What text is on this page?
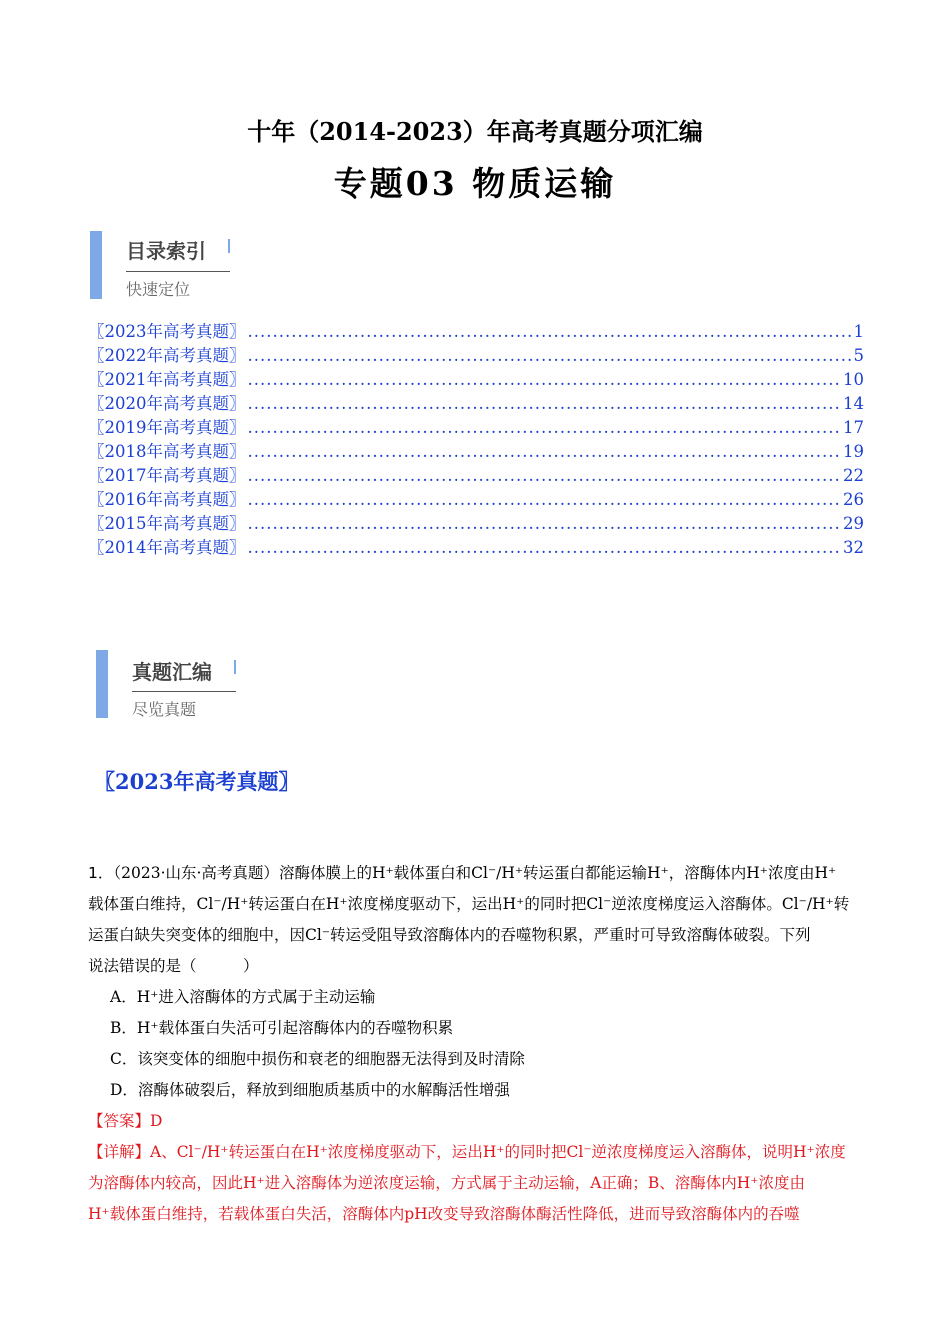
十年（2014-2023）年高考真题分项汇编
专题03 物质运输
目录索引
快速定位
〖2023年高考真题〗 .....	1
〖2022年高考真题〗 .....	5
〖2021年高考真题〗 .....	10
〖2020年高考真题〗 .....	14
〖2019年高考真题〗 .....	17
〖2018年高考真题〗 .....	19
〖2017年高考真题〗 .....	22
〖2016年高考真题〗 .....	26
〖2015年高考真题〗 .....	29
〖2014年高考真题〗 .....	32
真题汇编
尽览真题
〖2023年高考真题〗
1．（2023·山东·高考真题）溶酶体膜上的H⁺载体蛋白和Cl⁻/H⁺转运蛋白都能运输H⁺，溶酶体内H⁺浓度由H⁺
载体蛋白维持，Cl⁻/H⁺转运蛋白在H⁺浓度梯度驱动下，运出H⁺的同时把Cl⁻逆浓度梯度运入溶酶体。Cl⁻/H⁺转
运蛋白缺失突变体的细胞中，因Cl⁻转运受阻导致溶酶体内的吞噬物积累，严重时可导致溶酶体破裂。下列
说法错误的是（　　　）
A．H⁺进入溶酶体的方式属于主动运输
B．H⁺载体蛋白失活可引起溶酶体内的吞噬物积累
C．该突变体的细胞中损伤和衰老的细胞器无法得到及时清除
D．溶酶体破裂后，释放到细胞质基质中的水解酶活性增强
【答案】D
【详解】A、Cl⁻/H⁺转运蛋白在H⁺浓度梯度驱动下，运出H⁺的同时把Cl⁻逆浓度梯度运入溶酶体，说明H⁺浓度
为溶酶体内较高，因此H⁺进入溶酶体为逆浓度运输，方式属于主动运输，A正确；B、溶酶体内H⁺浓度由
H⁺载体蛋白维持，若载体蛋白失活，溶酶体内pH改变导致溶酶体酶活性降低，进而导致溶酶体内的吞噬
